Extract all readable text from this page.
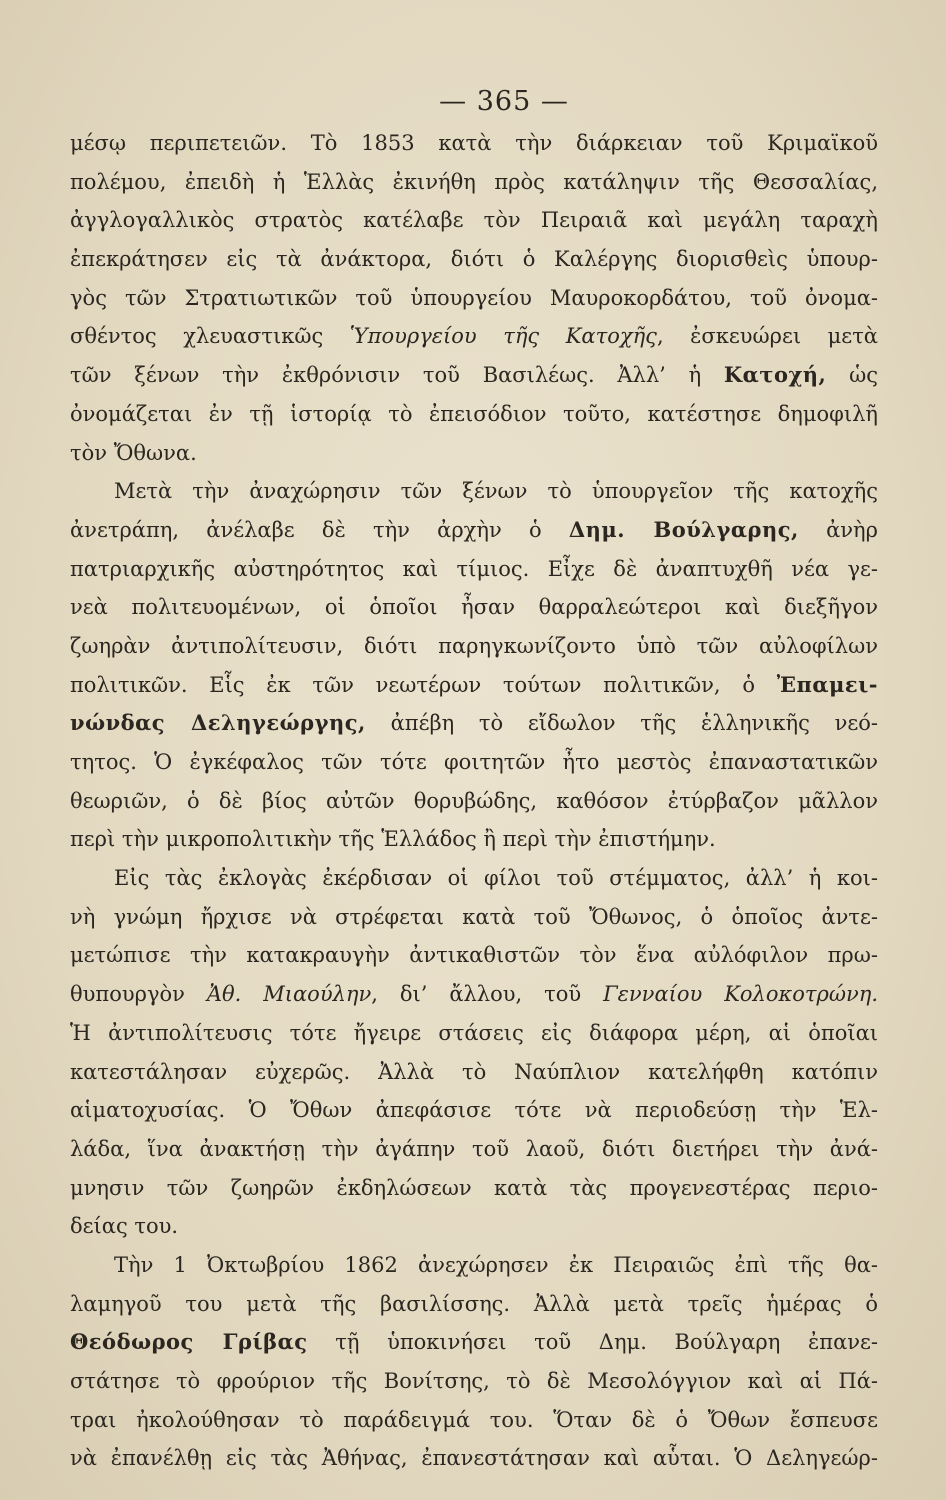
— 365 —
μέσῳ περιπετειῶν. Τὸ 1853 κατὰ τὴν διάρκειαν τοῦ Κριμαϊκοῦ
πολέμου, ἐπειδὴ ἡ Ἑλλὰς ἐκινήθη πρὸς κατάληψιν τῆς Θεσσαλίας,
ἀγγλογαλλικὸς στρατὸς κατέλαβε τὸν Πειραιᾶ καὶ μεγάλη ταραχὴ
ἐπεκράτησεν εἰς τὰ ἀνάκτορα, διότι ὁ Καλέργης διορισθεὶς ὑπουρ-
γὸς τῶν Στρατιωτικῶν τοῦ ὑπουργείου Μαυροκορδάτου, τοῦ ὀνομα-
σθέντος χλευαστικῶς Ὑπουργείου τῆς Κατοχῆς, ἐσκευώρει μετὰ
τῶν ξένων τὴν ἐκθρόνισιν τοῦ Βασιλέως. Ἀλλ’ ἡ Κατοχή, ὡς
ὀνομάζεται ἐν τῇ ἱστορίᾳ τὸ ἐπεισόδιον τοῦτο, κατέστησε δημοφιλῆ
τὸν Ὄθωνα.
Μετὰ τὴν ἀναχώρησιν τῶν ξένων τὸ ὑπουργεῖον τῆς κατοχῆς
ἀνετράπη, ἀνέλαβε δὲ τὴν ἀρχὴν ὁ Δημ. Βούλγαρης, ἀνὴρ
πατριαρχικῆς αὐστηρότητος καὶ τίμιος. Εἶχε δὲ ἀναπτυχθῆ νέα γε-
νεὰ πολιτευομένων, οἱ ὁποῖοι ἦσαν θαρραλεώτεροι καὶ διεξῆγον
ζωηρὰν ἀντιπολίτευσιν, διότι παρηγκωνίζοντο ὑπὸ τῶν αὐλοφίλων
πολιτικῶν. Εἷς ἐκ τῶν νεωτέρων τούτων πολιτικῶν, ὁ Ἐπαμει-
νώνδας Δεληγεώργης, ἀπέβη τὸ εἴδωλον τῆς ἑλληνικῆς νεό-
τητος. Ὁ ἐγκέφαλος τῶν τότε φοιτητῶν ἦτο μεστὸς ἐπαναστατικῶν
θεωριῶν, ὁ δὲ βίος αὐτῶν θορυβώδης, καθόσον ἐτύρβαζον μᾶλλον
περὶ τὴν μικροπολιτικὴν τῆς Ἑλλάδος ἢ περὶ τὴν ἐπιστήμην.
Εἰς τὰς ἐκλογὰς ἐκέρδισαν οἱ φίλοι τοῦ στέμματος, ἀλλ’ ἡ κοι-
νὴ γνώμη ἤρχισε νὰ στρέφεται κατὰ τοῦ Ὄθωνος, ὁ ὁποῖος ἀντε-
μετώπισε τὴν κατακραυγὴν ἀντικαθιστῶν τὸν ἕνα αὐλόφιλον πρω-
θυπουργὸν Ἀθ. Μιαούλην, δι’ ἄλλου, τοῦ Γενναίου Κολοκοτρώνη.
Ἡ ἀντιπολίτευσις τότε ἤγειρε στάσεις εἰς διάφορα μέρη, αἱ ὁποῖαι
κατεστάλησαν εὐχερῶς. Ἀλλὰ τὸ Ναύπλιον κατελήφθη κατόπιν
αἱματοχυσίας. Ὁ Ὄθων ἀπεφάσισε τότε νὰ περιοδεύσῃ τὴν Ἑλ-
λάδα, ἵνα ἀνακτήσῃ τὴν ἀγάπην τοῦ λαοῦ, διότι διετήρει τὴν ἀνά-
μνησιν τῶν ζωηρῶν ἐκδηλώσεων κατὰ τὰς προγενεστέρας περιο-
δείας του.
Τὴν 1 Ὀκτωβρίου 1862 ἀνεχώρησεν ἐκ Πειραιῶς ἐπὶ τῆς θα-
λαμηγοῦ του μετὰ τῆς βασιλίσσης. Ἀλλὰ μετὰ τρεῖς ἡμέρας ὁ
Θεόδωρος Γρίβας τῇ ὑποκινήσει τοῦ Δημ. Βούλγαρη ἐπανε-
στάτησε τὸ φρούριον τῆς Βονίτσης, τὸ δὲ Μεσολόγγιον καὶ αἱ Πά-
τραι ἠκολούθησαν τὸ παράδειγμά του. Ὅταν δὲ ὁ Ὄθων ἔσπευσε
νὰ ἐπανέλθῃ εἰς τὰς Ἀθήνας, ἐπανεστάτησαν καὶ αὗται. Ὁ Δεληγεώρ-
